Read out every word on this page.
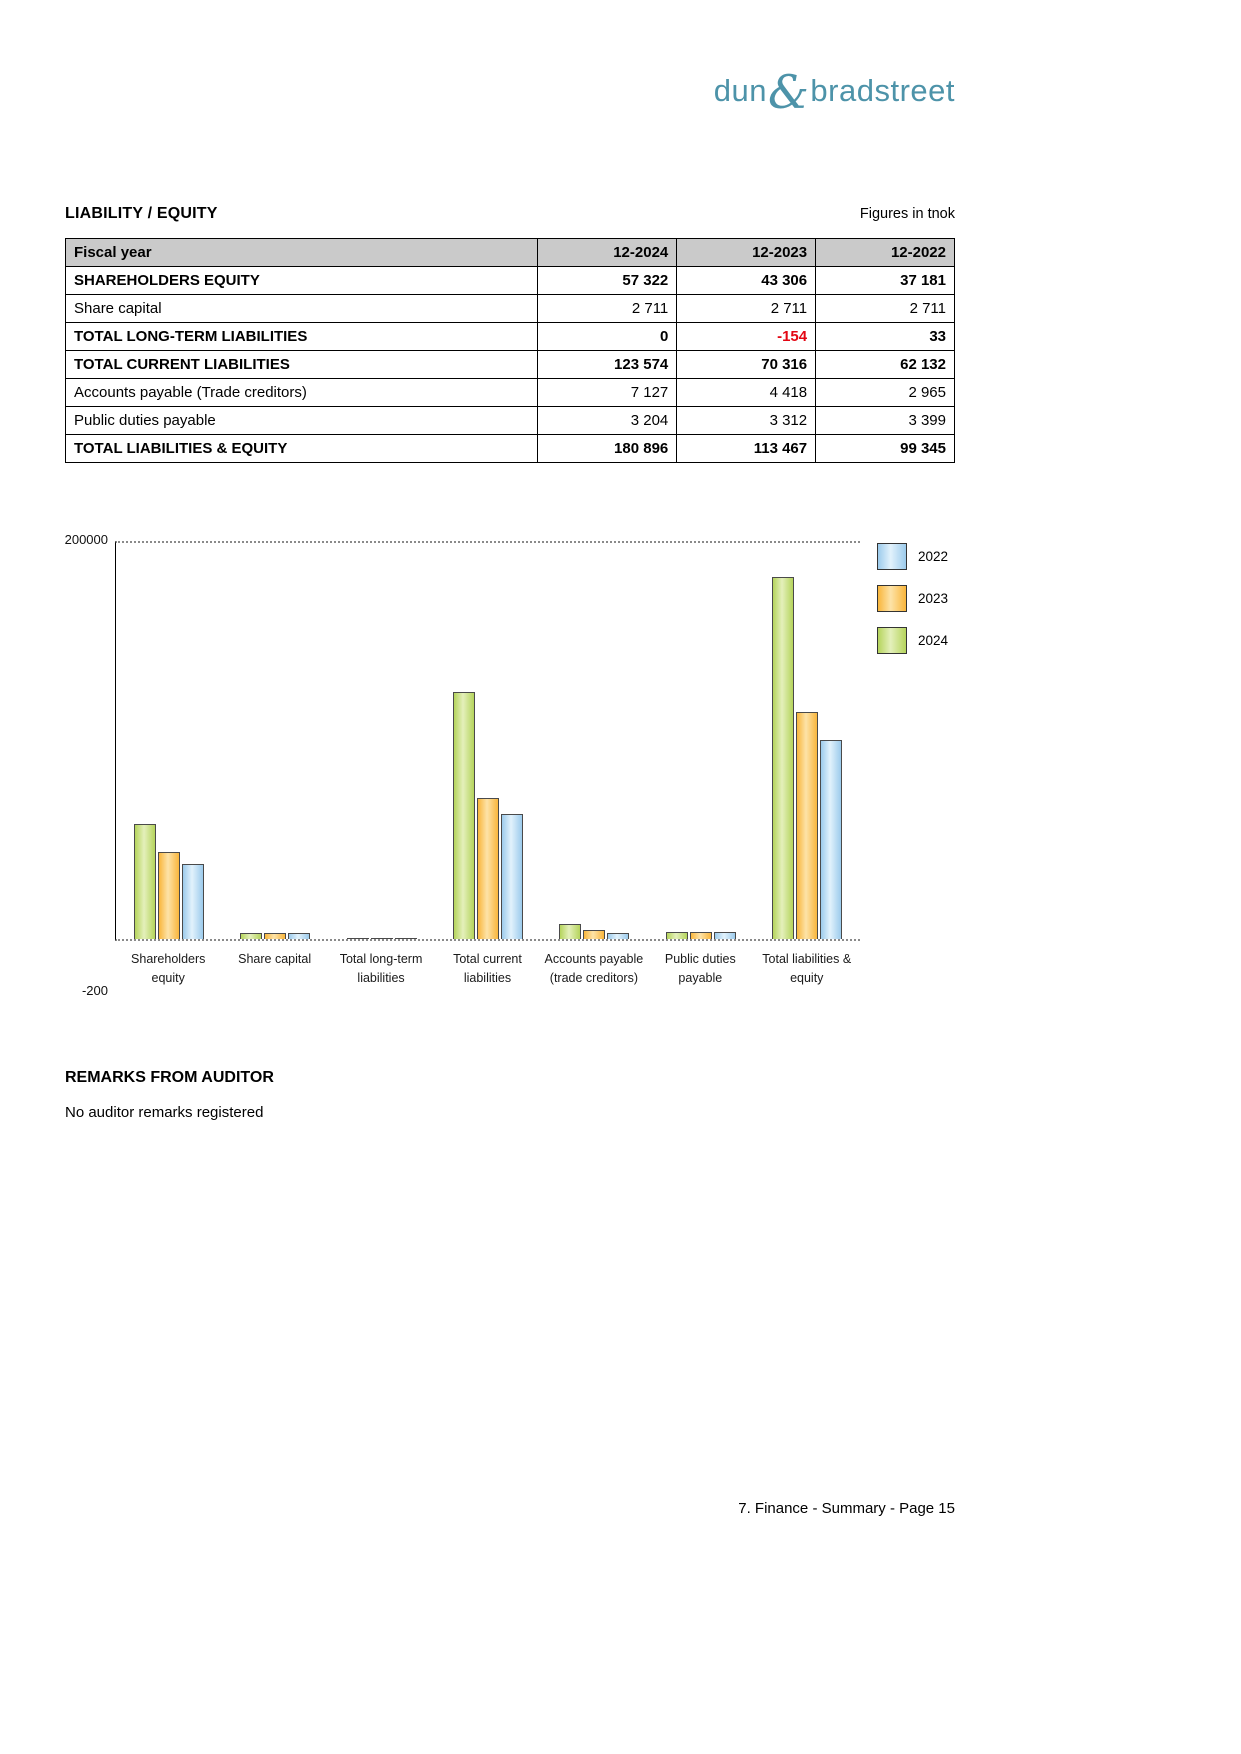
dun&bradstreet
LIABILITY / EQUITY	Figures in tnok
Fiscal year	12-2024	12-2023	12-2022
SHAREHOLDERS EQUITY	57 322	43 306	37 181
Share capital	2 711	2 711	2 711
TOTAL LONG-TERM LIABILITIES	0	-154	33
TOTAL CURRENT LIABILITIES	123 574	70 316	62 132
Accounts payable (Trade creditors)	7 127	4 418	2 965
Public duties payable	3 204	3 312	3 399
TOTAL LIABILITIES & EQUITY	180 896	113 467	99 345
200000
-200
Shareholders
equity
Share capital	Total long-term
liabilities
Total current
liabilities
Accounts payable
(trade creditors)
Public duties
payable
Total liabilities &
equity
2022
2023
2024
REMARKS FROM AUDITOR
No auditor remarks registered
7. Finance - Summary - Page 15
